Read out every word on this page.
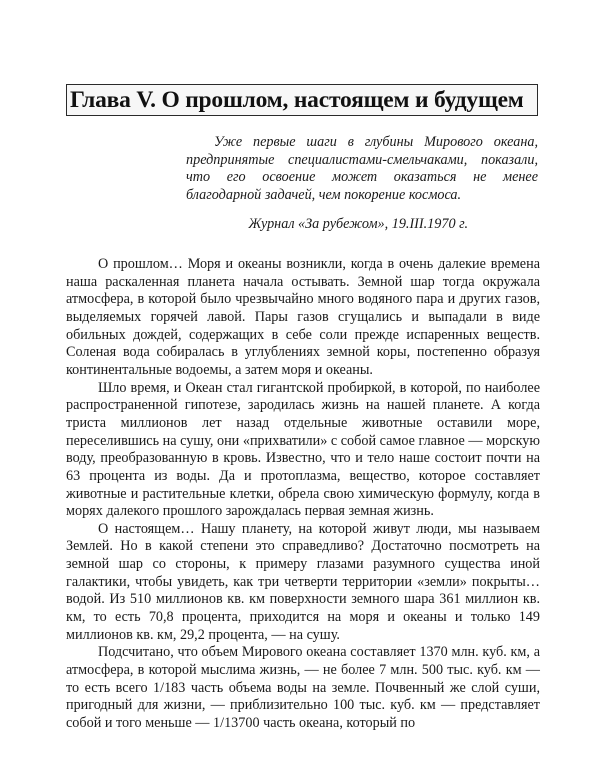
Глава V. О прошлом, настоящем и будущем
Уже первые шаги в глубины Мирового океана, предпринятые специалистами-смельчаками, показали, что его освоение может оказаться не менее благодарной задачей, чем покорение космоса.
Журнал «За рубежом», 19.III.1970 г.

О прошлом… Моря и океаны возникли, когда в очень далекие времена наша раскаленная планета начала остывать. Земной шар тогда окружала атмосфера, в которой было чрезвычайно много водяного пара и других газов, выделяемых горячей лавой. Пары газов сгущались и выпадали в виде обильных дождей, содержащих в себе соли прежде испаренных веществ. Соленая вода собиралась в углублениях земной коры, постепенно образуя континентальные водоемы, а затем моря и океаны.

Шло время, и Океан стал гигантской пробиркой, в которой, по наиболее распространенной гипотезе, зародилась жизнь на нашей планете. А когда триста миллионов лет назад отдельные животные оставили море, переселившись на сушу, они «прихватили» с собой самое главное — морскую воду, преобразованную в кровь. Известно, что и тело наше состоит почти на 63 процента из воды. Да и протоплазма, вещество, которое составляет животные и растительные клетки, обрела свою химическую формулу, когда в морях далекого прошлого зарождалась первая земная жизнь.

О настоящем… Нашу планету, на которой живут люди, мы называем Землей. Но в какой степени это справедливо? Достаточно посмотреть на земной шар со стороны, к примеру глазами разумного существа иной галактики, чтобы увидеть, как три четверти территории «земли» покрыты… водой. Из 510 миллионов кв. км поверхности земного шара 361 миллион кв. км, то есть 70,8 процента, приходится на моря и океаны и только 149 миллионов кв. км, 29,2 процента, — на сушу.

Подсчитано, что объем Мирового океана составляет 1370 млн. куб. км, а атмосфера, в которой мыслима жизнь, — не более 7 млн. 500 тыс. куб. км — то есть всего 1/183 часть объема воды на земле. Почвенный же слой суши, пригодный для жизни, — приблизительно 100 тыс. куб. км — представляет собой и того меньше — 1/13700 часть океана, который по
